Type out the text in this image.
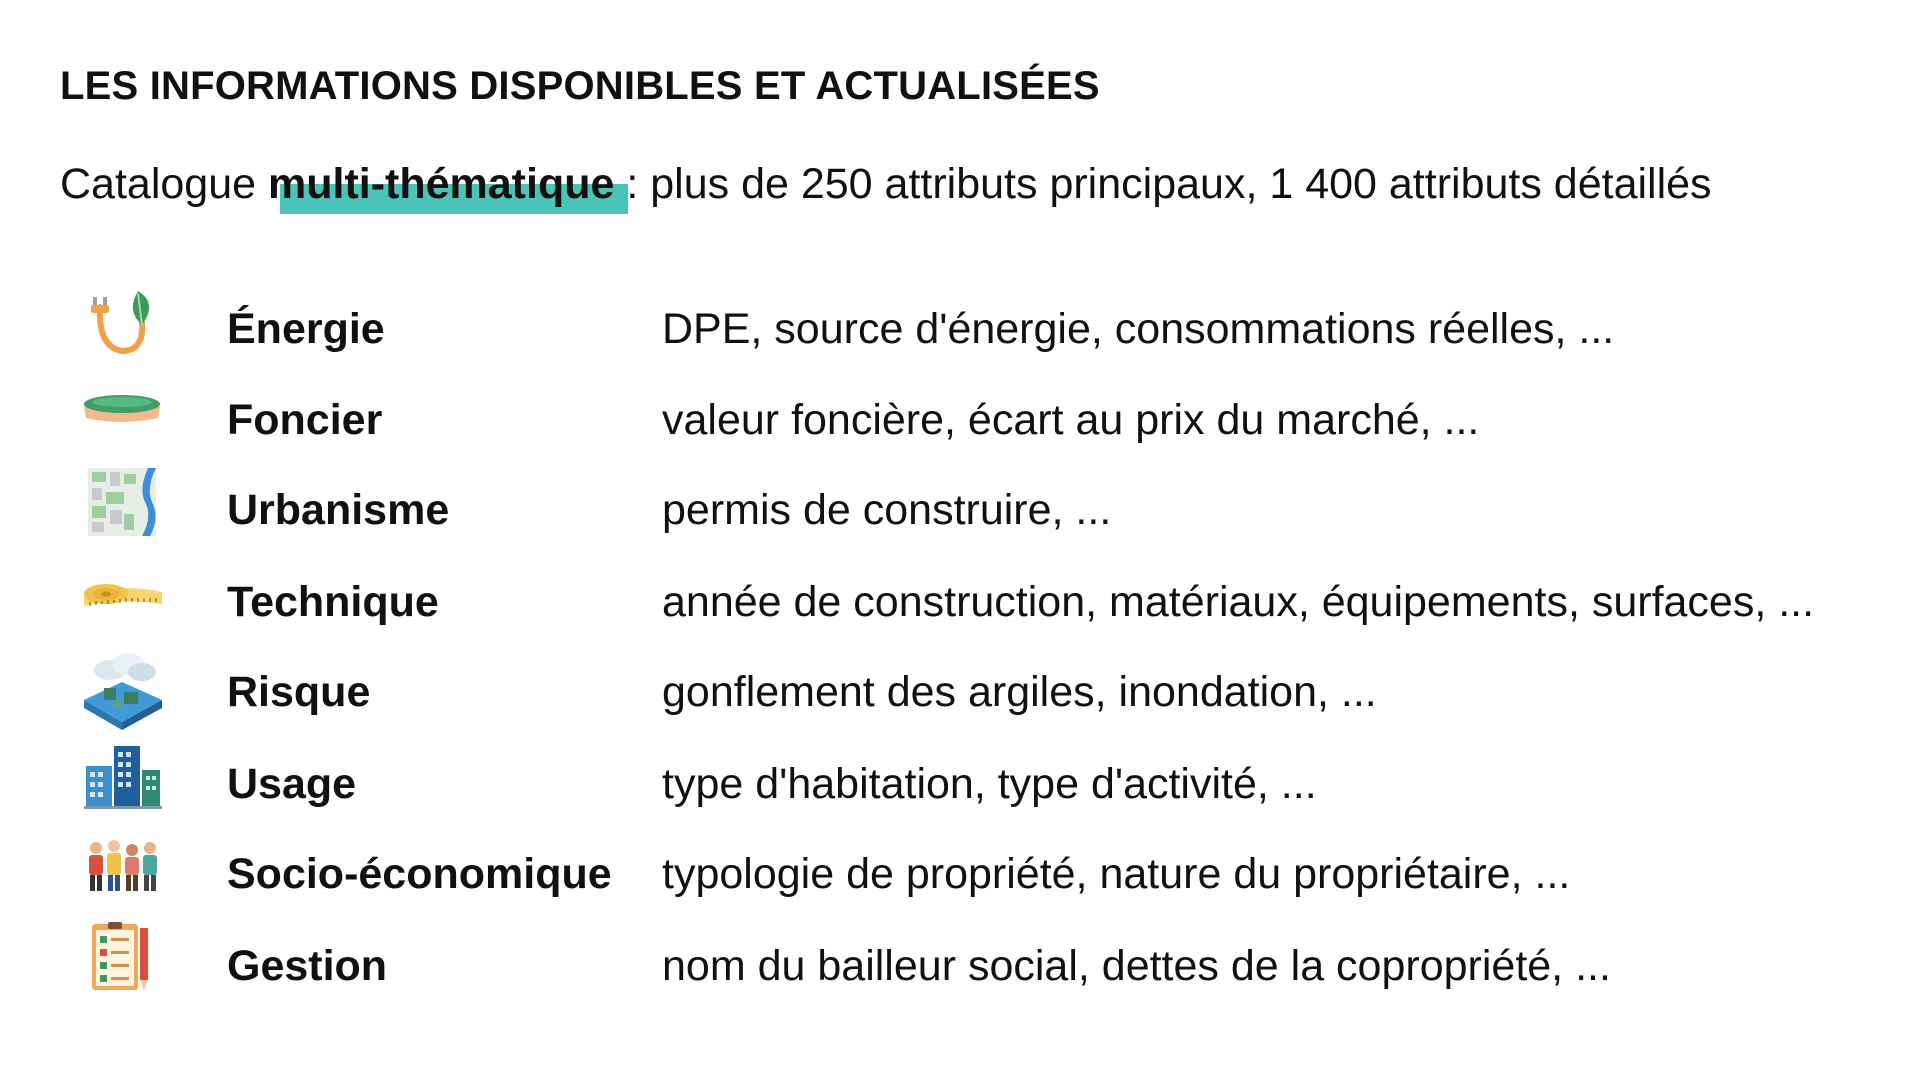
LES INFORMATIONS DISPONIBLES ET ACTUALISÉES
Catalogue multi-thématique : plus de 250 attributs principaux, 1 400 attributs détaillés
Énergie	DPE, source d'énergie, consommations réelles, ...
Foncier	valeur foncière, écart au prix du marché, ...
Urbanisme	permis de construire, ...
Technique	année de construction, matériaux, équipements, surfaces, ...
Risque	gonflement des argiles, inondation, ...
Usage	type d'habitation, type d'activité, ...
Socio-économique typologie de propriété, nature du propriétaire, ...
Gestion	nom du bailleur social, dettes de la copropriété, ...
